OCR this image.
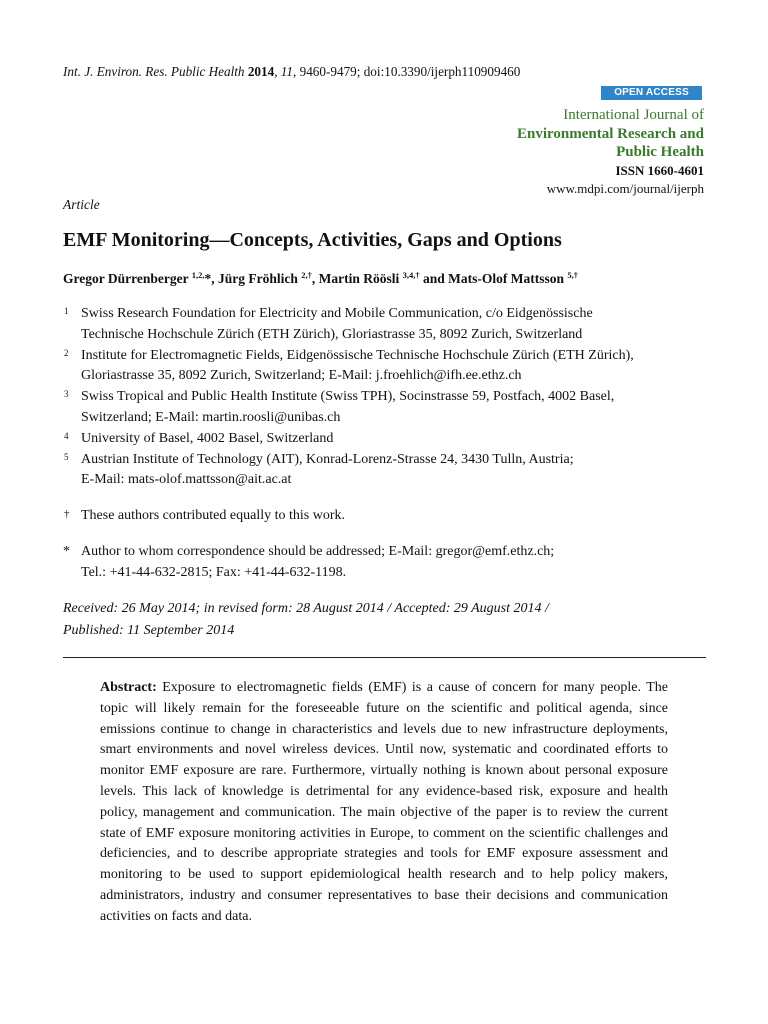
Int. J. Environ. Res. Public Health 2014, 11, 9460-9479; doi:10.3390/ijerph110909460
OPEN ACCESS
International Journal of
Environmental Research and
Public Health
ISSN 1660-4601
www.mdpi.com/journal/ijerph
Article
EMF Monitoring—Concepts, Activities, Gaps and Options
Gregor Dürrenberger $^{1,2,}$*, Jürg Fröhlich $^{2,\dagger}$, Martin Röösli $^{3,4,\dagger}$ and Mats-Olof Mattsson $^{5,\dagger}$
1 Swiss Research Foundation for Electricity and Mobile Communication, c/o Eidgenössische
Technische Hochschule Zürich (ETH Zürich), Gloriastrasse 35, 8092 Zurich, Switzerland
2 Institute for Electromagnetic Fields, Eidgenössische Technische Hochschule Zürich (ETH Zürich),
Gloriastrasse 35, 8092 Zurich, Switzerland; E-Mail: j.froehlich@ifh.ee.ethz.ch
3 Swiss Tropical and Public Health Institute (Swiss TPH), Socinstrasse 59, Postfach, 4002 Basel,
Switzerland; E-Mail: martin.roosli@unibas.ch
4 University of Basel, 4002 Basel, Switzerland
5 Austrian Institute of Technology (AIT), Konrad-Lorenz-Strasse 24, 3430 Tulln, Austria;
E-Mail: mats-olof.mattsson@ait.ac.at
† These authors contributed equally to this work.
* Author to whom correspondence should be addressed; E-Mail: gregor@emf.ethz.ch;
Tel.: +41-44-632-2815; Fax: +41-44-632-1198.
Received: 26 May 2014; in revised form: 28 August 2014 / Accepted: 29 August 2014 /
Published: 11 September 2014
Abstract: Exposure to electromagnetic fields (EMF) is a cause of concern for many people. The topic will likely remain for the foreseeable future on the scientific and political agenda, since emissions continue to change in characteristics and levels due to new infrastructure deployments, smart environments and novel wireless devices. Until now, systematic and coordinated efforts to monitor EMF exposure are rare. Furthermore, virtually nothing is known about personal exposure levels. This lack of knowledge is detrimental for any evidence-based risk, exposure and health policy, management and communication. The main objective of the paper is to review the current state of EMF exposure monitoring activities in Europe, to comment on the scientific challenges and deficiencies, and to describe appropriate strategies and tools for EMF exposure assessment and monitoring to be used to support epidemiological health research and to help policy makers, administrators, industry and consumer representatives to base their decisions and communication activities on facts and data.
